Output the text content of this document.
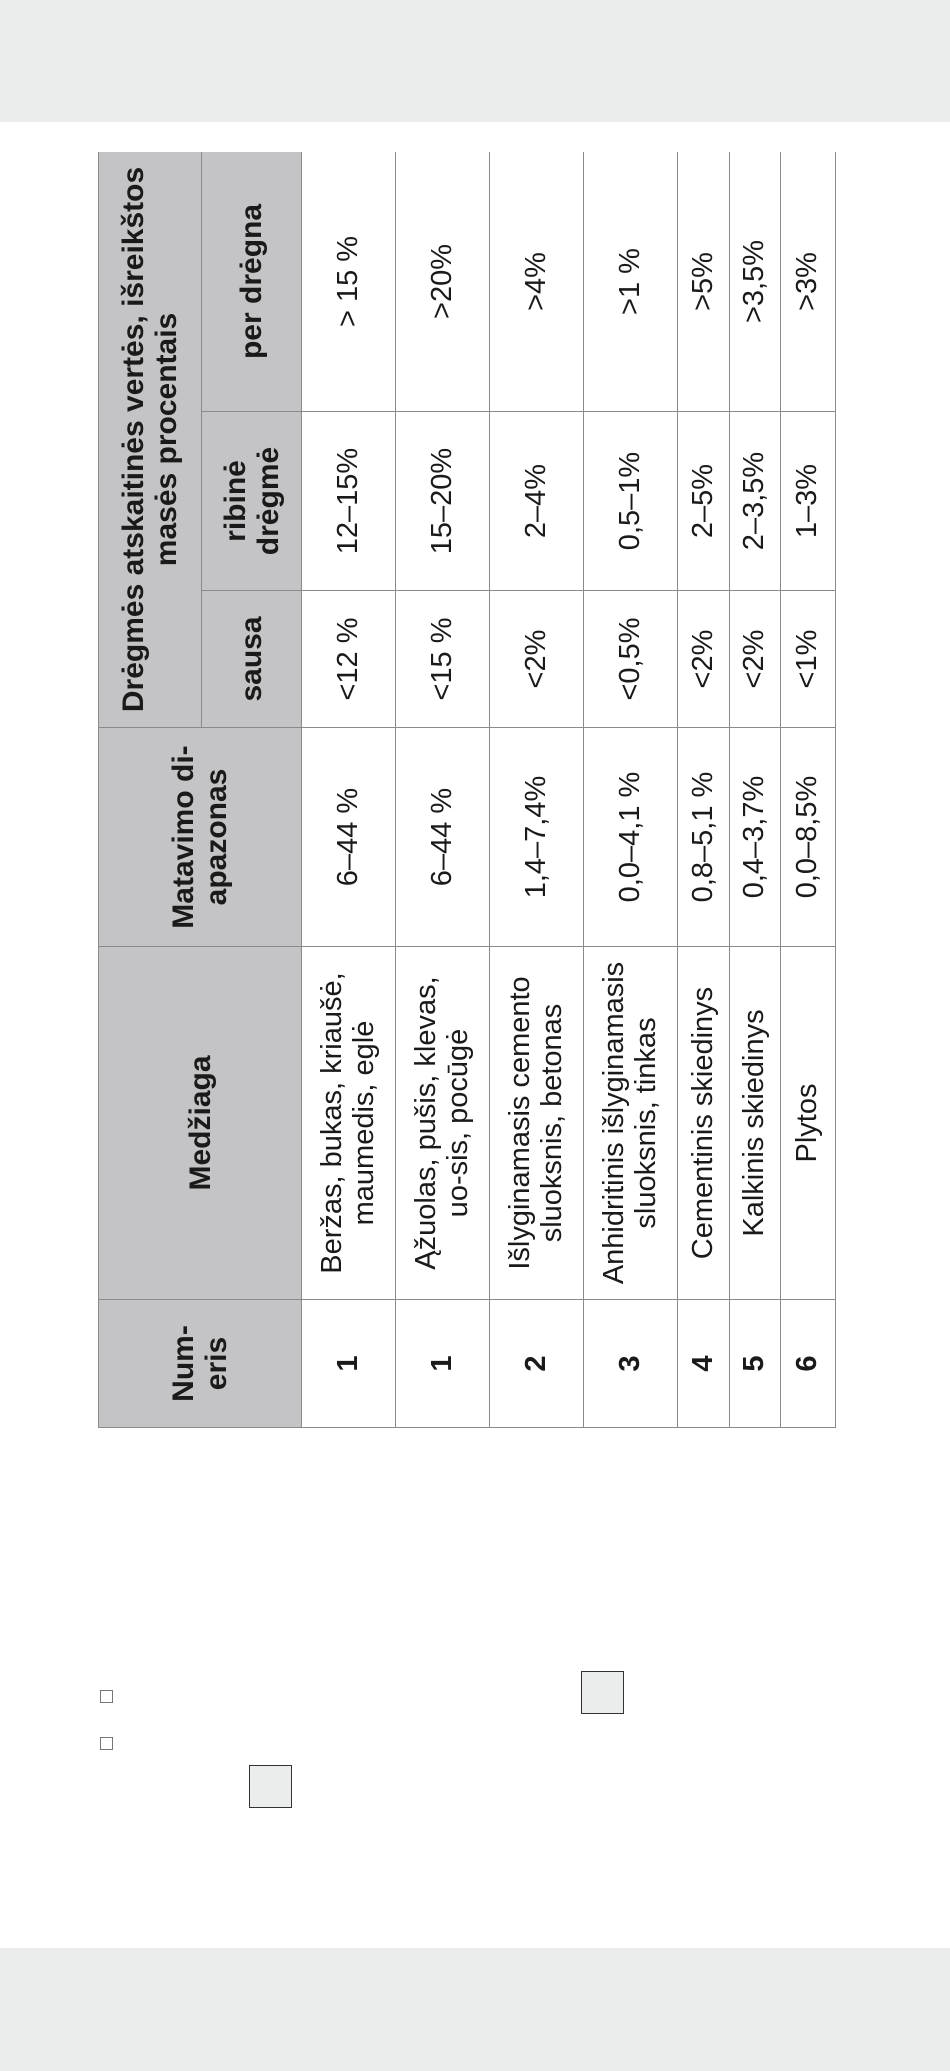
Num-eris	Medžiaga	Matavimo di-apazonas	Drėgmės atskaitinės vertės, išreikštos masės procentais		
			sausa	ribinė drėgmė	per drėgna
1	Beržas, bukas, kriaušė, maumedis, eglė	6–44 %	<12 %	12–15%	> 15 %
1	Ąžuolas, pušis, klevas, uo-sis, pocūgė	6–44 %	<15 %	15–20%	>20%
2	Išlyginamasis cemento sluoksnis, betonas	1,4–7,4%	<2%	2–4%	>4%
3	Anhidritinis išlyginamasis sluoksnis, tinkas	0,0–4,1 %	<0,5%	0,5–1%	>1 %
4	Cementinis skiedinys	0,8–5,1 %	<2%	2–5%	>5%
5	Kalkinis skiedinys	0,4–3,7%	<2%	2–3,5%	>3,5%
6	Plytos	0,0–8,5%	<1%	1–3%	>3%
